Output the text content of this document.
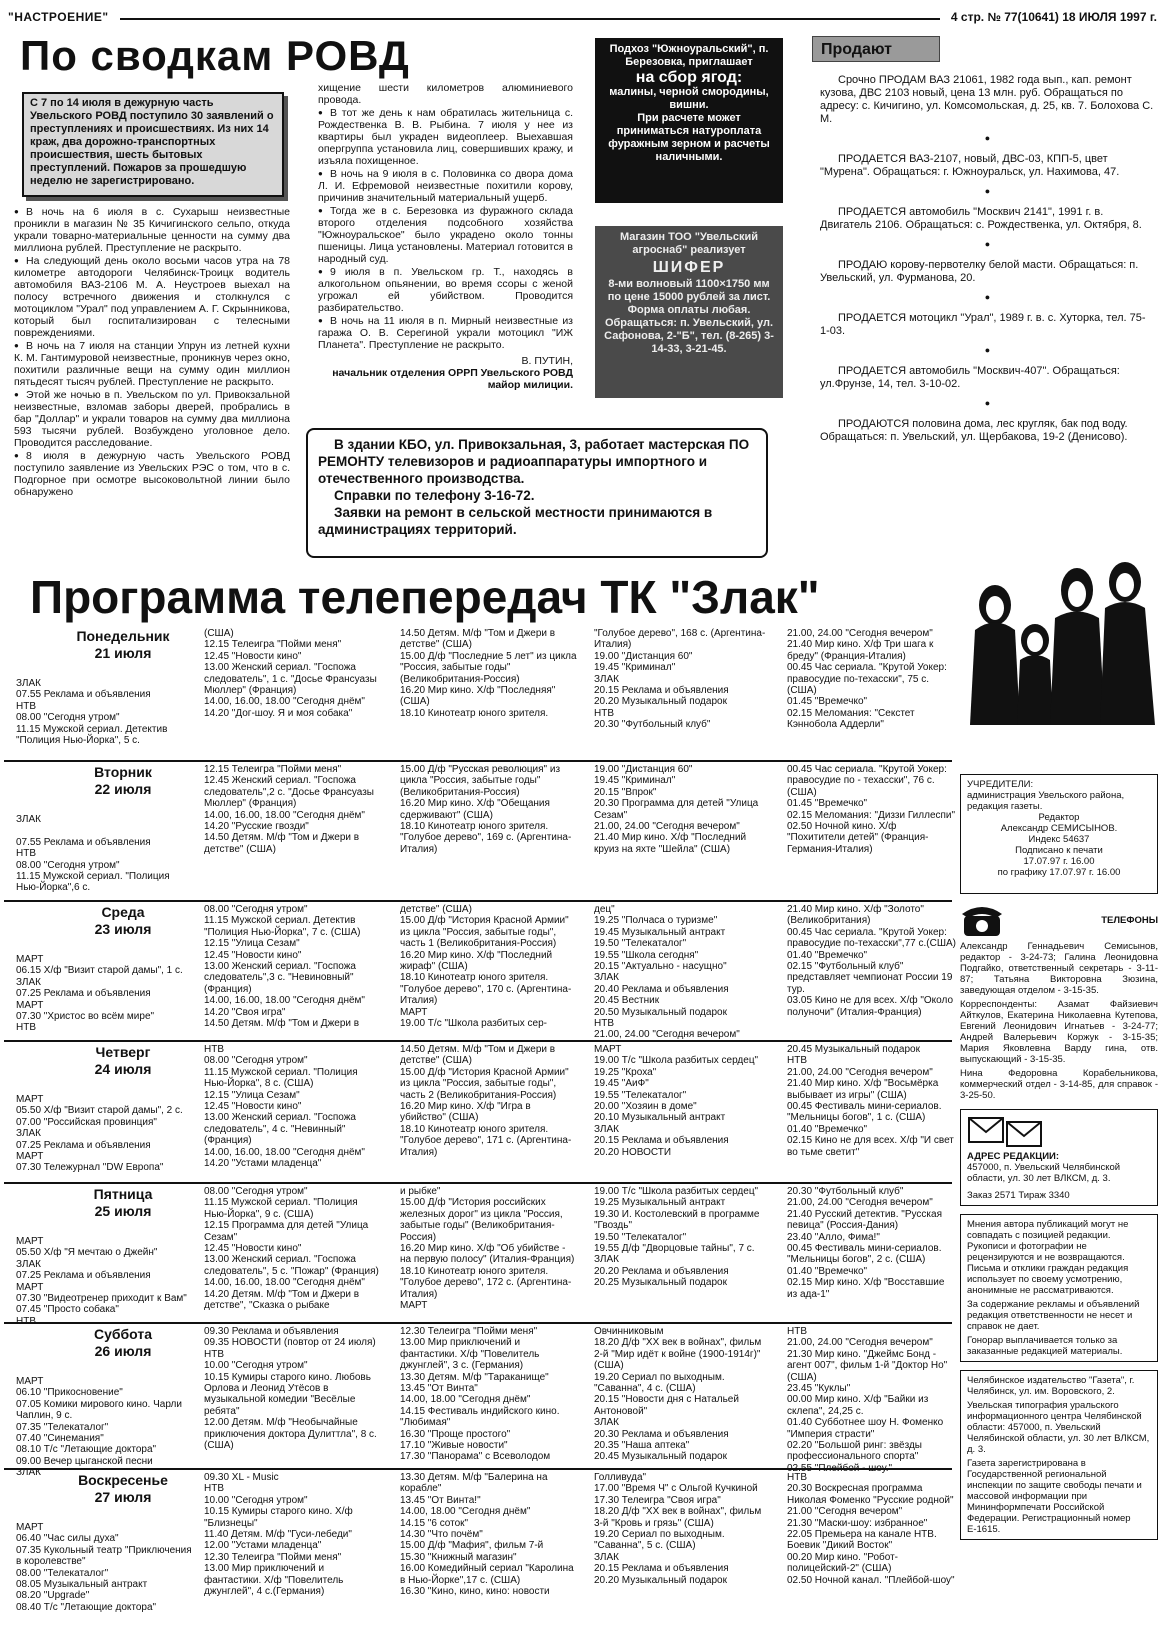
"НАСТРОЕНИЕ"	4 стр. № 77(10641) 18 ИЮЛЯ 1997 г.
По сводкам РОВД
С 7 по 14 июля в дежурную часть Увельского РОВД поступило 30 заявлений о преступлениях и происшествиях. Из них 14 краж, два дорожно-транспортных происшествия, шесть бытовых преступлений. Пожаров за прошедшую неделю не зарегистрировано.

● В ночь на 6 июля в с. Сухарыш неизвестные проникли в магазин № 35 Кичигинского сельпо, откуда украли товарно-материальные ценности на сумму два миллиона рублей. Преступление не раскрыто.

● На следующий день около восьми часов утра на 78 километре автодороги Челябинск-Троицк водитель автомобиля ВАЗ-2106 М. А. Неустроев выехал на полосу встречного движения и столкнулся с мотоциклом "Урал" под управлением А. Г. Скрынникова, который был госпитализирован с телесными повреждениями.

● В ночь на 7 июля на станции Упрун из летней кухни К. М. Гантимуровой неизвестные, проникнув через окно, похитили различные вещи на сумму один миллион пятьдесят тысяч рублей. Преступление не раскрыто.

● Этой же ночью в п. Увельском по ул. Привокзальной неизвестные, взломав заборы дверей, пробрались в бар "Доллар" и украли товаров на сумму два миллиона 593 тысячи рублей. Возбуждено уголовное дело. Проводится расследование.

● 8 июля в дежурную часть Увельского РОВД поступило заявление из Увельских РЭС о том, что в с. Подгорное при осмотре высоковольтной линии было обнаружено

хищение шести километров алюминиевого провода.

● В тот же день к нам обратилась жительница с. Рождественка В. В. Рыбина. 7 июля у нее из квартиры был украден видеоплеер. Выехавшая опергруппа установила лиц, совершивших кражу, и изъяла похищенное.

● В ночь на 9 июля в с. Половинка со двора дома Л. И. Ефремовой неизвестные похитили корову, причинив значительный материальный ущерб.

● Тогда же в с. Березовка из фуражного склада второго отделения подсобного хозяйства "Южноуральское" было украдено около тонны пшеницы. Лица установлены. Материал готовится в народный суд.

● 9 июля в п. Увельском гр. Т., находясь в алкогольном опьянении, во время ссоры с женой угрожал ей убийством. Проводится разбирательство.

● В ночь на 11 июля в п. Мирный неизвестные из гаража О. В. Серегиной украли мотоцикл "ИЖ Планета". Преступление не раскрыто.

В. ПУТИН,
начальник отделения ОРРП Увельского РОВД майор милиции.
Подхоз "Южноуральский", п. Березовка, приглашает
на сбор ягод:
малины, черной смородины, вишни.
При расчете может приниматься натуроплата фуражным зерном и расчеты наличными.
Магазин ТОО "Увельский агроснаб" реализует
ШИФЕР
8-ми волновый 1100×1750 мм по цене 15000 рублей за лист. Форма оплаты любая. Обращаться: п. Увельский, ул. Сафонова, 2-"Б", тел. (8-265) 3-14-33, 3-21-45.
В здании КБО, ул. Привокзальная, 3, работает мастерская ПО РЕМОНТУ телевизоров и радиоаппаратуры импортного и отечественного производства.
Справки по телефону 3-16-72.
Заявки на ремонт в сельской местности принимаются в администрациях территорий.
Продают

Срочно ПРОДАМ ВАЗ 21061, 1982 года вып., кап. ремонт кузова, ДВС 2103 новый, цена 13 млн. руб. Обращаться по адресу: с. Кичигино, ул. Комсомольская, д. 25, кв. 7. Болохова С. М.

●

ПРОДАЕТСЯ ВАЗ-2107, новый, ДВС-03, КПП-5, цвет "Мурена". Обращаться: г. Южноуральск, ул. Нахимова, 47.

●

ПРОДАЕТСЯ автомобиль "Москвич 2141", 1991 г. в. Двигатель 2106. Обращаться: с. Рождественка, ул. Октября, 8.

●

ПРОДАЮ корову-первотелку белой масти. Обращаться: п. Увельский, ул. Фурманова, 20.

●

ПРОДАЕТСЯ мотоцикл "Урал", 1989 г. в. с. Хуторка, тел. 75-1-03.

●

ПРОДАЕТСЯ автомобиль "Москвич-407". Обращаться: ул.Фрунзе, 14, тел. 3-10-02.

●

ПРОДАЮТСЯ половина дома, лес кругляк, бак под воду. Обращаться: п. Увельский, ул. Щербакова, 19-2 (Денисово).

Программа телепередач ТК "Злак"
Понедельник
21 июля
ЗЛАК
07.55 Реклама и объявления
НТВ
08.00 "Сегодня утром"
11.15 Мужской сериал. Детектив "Полиция Нью-Йорка", 5 с.
(США)
12.15 Телеигра "Пойми меня"
12.45 "Новости кино"
13.00 Женский сериал. "Госпожа следователь", 1 с. "Досье Франсуазы Мюллер" (Франция)
14.00, 16.00, 18.00 "Сегодня днём"
14.20 "Дог-шоу. Я и моя собака"
14.50 Детям. М/ф "Том и Джери в детстве" (США)
15.00 Д/ф "Последние 5 лет" из цикла "Россия, забытые годы" (Великобритания-Россия)
16.20 Мир кино. Х/ф "Последняя" (США)
18.10 Кинотеатр юного зрителя.
"Голубое дерево", 168 с. (Аргентина-Италия)
19.00 "Дистанция 60"
19.45 "Криминал"
ЗЛАК
20.15 Реклама и объявления
20.20 Музыкальный подарок
НТВ
20.30 "Футбольный клуб"
21.00, 24.00 "Сегодня вечером"
21.40 Мир кино. Х/ф Три шага к бреду" (Франция-Италия)
00.45 Час сериала. "Крутой Уокер: правосудие по-техасски", 75 с. (США)
01.45 "Времечко"
02.15 Меломания: "Секстет Кэннобола Аддерли"
Вторник
22 июля
ЗЛАК

07.55 Реклама и объявления
НТВ
08.00 "Сегодня утром"
11.15 Мужской сериал. "Полиция Нью-Йорка",6 с.
12.15 Телеигра "Пойми меня"
12.45 Женский сериал. "Госпожа следователь",2 с. "Досье Франсуазы Мюллер" (Франция)
14.00, 16.00, 18.00 "Сегодня днём"
14.20 "Русские гвозди"
14.50 Детям. М/ф "Том и Джери в детстве" (США)
15.00 Д/ф "Русская революция" из цикла "Россия, забытые годы" (Великобритания-Россия)
16.20 Мир кино. Х/ф "Обещания сдерживают" (США)
18.10 Кинотеатр юного зрителя. "Голубое дерево", 169 с. (Аргентина-Италия)
19.00 "Дистанция 60"
19.45 "Криминал"
20.15 "Впрок"
20.30 Программа для детей "Улица Сезам"
21.00, 24.00 "Сегодня вечером"
21.40 Мир кино. Х/ф "Последний круиз на яхте "Шейла" (США)
00.45 Час сериала. "Крутой Уокер: правосудие по - техасски", 76 с. (США)
01.45 "Времечко"
02.15 Меломания: "Диззи Гиллеспи"
02.50 Ночной кино. Х/ф "Похитители детей" (Франция-Германия-Италия)
Среда
23 июля
МАРТ
06.15 Х/ф "Визит старой дамы", 1 с.
ЗЛАК
07.25 Реклама и объявления
МАРТ
07.30 "Христос во всём мире"
НТВ
08.00 "Сегодня утром"
11.15 Мужской сериал. Детектив "Полиция Нью-Йорка", 7 с. (США)
12.15 "Улица Сезам"
12.45 "Новости кино"
13.00 Женский сериал. "Госпожа следователь",3 с. "Невиновный" (Франция)
14.00, 16.00, 18.00 "Сегодня днём"
14.20 "Своя игра"
14.50 Детям. М/ф "Том и Джери в
детстве" (США)
15.00 Д/ф "История Красной Армии" из цикла "Россия, забытые годы", часть 1 (Великобритания-Россия)
16.20 Мир кино. Х/ф "Последний жираф" (США)
18.10 Кинотеатр юного зрителя. "Голубое дерево", 170 с. (Аргентина-Италия)
МАРТ
19.00 Т/с "Школа разбитых сер-
дец"
19.25 "Полчаса о туризме"
19.45 Музыкальный антракт
19.50 "Телекаталог"
19.55 "Школа сегодня"
20.15 "Актуально - насущно"
ЗЛАК
20.40 Реклама и объявления
20.45 Вестник
20.50 Музыкальный подарок
НТВ
21.00, 24.00 "Сегодня вечером"
21.40 Мир кино. Х/ф "Золото" (Великобритания)
00.45 Час сериала. "Крутой Уокер: правосудие по-техасски",77 с.(США)
01.40 "Времечко"
02.15 "Футбольный клуб" представляет чемпионат России 19 тур.
03.05 Кино не для всех. Х/ф "Около полуночи" (Италия-Франция)
Четверг
24 июля
МАРТ
05.50 Х/ф "Визит старой дамы", 2 с.
07.00 "Российская провинция"
ЗЛАК
07.25 Реклама и объявления
МАРТ
07.30 Тележурнал "DW Европа"
НТВ
08.00 "Сегодня утром"
11.15 Мужской сериал. "Полиция Нью-Йорка", 8 с. (США)
12.15 "Улица Сезам"
12.45 "Новости кино"
13.00 Женский сериал. "Госпожа следователь", 4 с. "Невинный" (Франция)
14.00, 16.00, 18.00 "Сегодня днём"
14.20 "Устами младенца"
14.50 Детям. М/ф "Том и Джери в детстве" (США)
15.00 Д/ф "История Красной Армии" из цикла "Россия, забытые годы", часть 2 (Великобритания-Россия)
16.20 Мир кино. Х/ф "Игра в убийство" (США)
18.10 Кинотеатр юного зрителя. "Голубое дерево", 171 с. (Аргентина-Италия)
МАРТ
19.00 Т/с "Школа разбитых сердец"
19.25 "Кроха"
19.45 "АиФ"
19.55 "Телекаталог"
20.00 "Хозяин в доме"
20.10 Музыкальный антракт
ЗЛАК
20.15 Реклама и объявления
20.20 НОВОСТИ
20.45 Музыкальный подарок
НТВ
21.00, 24.00 "Сегодня вечером"
21.40 Мир кино. Х/ф "Восьмёрка выбывает из игры" (США)
00.45 Фестиваль мини-сериалов. "Мельницы богов", 1 с. (США)
01.40 "Времечко"
02.15 Кино не для всех. Х/ф "И свет во тьме светит"
Пятница
25 июля
МАРТ
05.50 Х/ф "Я мечтаю о Джейн"
ЗЛАК
07.25 Реклама и объявления
МАРТ
07.30 "Видеотренер приходит к Вам"
07.45 "Просто собака"
НТВ
08.00 "Сегодня утром"
11.15 Мужской сериал. "Полиция Нью-Йорка", 9 с. (США)
12.15 Программа для детей "Улица Сезам"
12.45 "Новости кино"
13.00 Женский сериал. "Госпожа следователь", 5 с. "Пожар" (Франция)
14.00, 16.00, 18.00 "Сегодня днём"
14.20 Детям. М/ф "Том и Джери в детстве", "Сказка о рыбаке
и рыбке"
15.00 Д/ф "История российских железных дорог" из цикла "Россия, забытые годы" (Великобритания-Россия)
16.20 Мир кино. Х/ф "Об убийстве - на первую полосу" (Италия-Франция)
18.10 Кинотеатр юного зрителя. "Голубое дерево", 172 с. (Аргентина-Италия)
МАРТ
19.00 Т/с "Школа разбитых сердец"
19.25 Музыкальный антракт
19.30 И. Костолевский в программе "Гвоздь"
19.50 "Телекаталог"
19.55 Д/ф "Дворцовые тайны", 7 с.
ЗЛАК
20.20 Реклама и объявления
20.25 Музыкальный подарок
20.30 "Футбольный клуб"
21.00, 24.00 "Сегодня вечером"
21.40 Русский детектив. "Русская певица" (Россия-Дания)
23.40 "Алло, Фима!"
00.45 Фестиваль мини-сериалов. "Мельницы богов", 2 с. (США)
01.40 "Времечко"
02.15 Мир кино. Х/ф "Восставшие из ада-1"
Суббота
26 июля
МАРТ
06.10 "Прикосновение"
07.05 Комики мирового кино. Чарли Чаплин, 9 с.
07.35 "Телекаталог"
07.40 "Синемания"
08.10 Т/с "Летающие доктора"
09.00 Вечер цыганской песни
ЗЛАК
09.30 Реклама и объявления
09.35 НОВОСТИ (повтор от 24 июля)
НТВ
10.00 "Сегодня утром"
10.15 Кумиры старого кино. Любовь Орлова и Леонид Утёсов в музыкальной комедии "Весёлые ребята"
12.00 Детям. М/ф "Необычайные приключения доктора Дулиттла", 8 с. (США)
12.30 Телеигра "Пойми меня"
13.00 Мир приключений и фантастики. Х/ф "Повелитель джунглей", 3 с. (Германия)
13.30 Детям. М/ф "Тараканище"
13.45 "От Винта"
14.00, 18.00 "Сегодня днём"
14.15 Фестиваль индийского кино. "Любимая"
16.30 "Проще простого"
17.10 "Живые новости"
17.30 "Панорама" с Всеволодом
Овчинниковым
18.20 Д/ф "ХХ век в войнах", фильм 2-й "Мир идёт к войне (1900-1914г)" (США)
19.20 Сериал по выходным. "Саванна", 4 с. (США)
20.15 "Новости дня с Натальей Антоновой"
ЗЛАК
20.30 Реклама и объявления
20.35 "Наша аптека"
20.45 Музыкальный подарок
НТВ
21.00, 24.00 "Сегодня вечером"
21.30 Мир кино. "Джеймс Бонд - агент 007", фильм 1-й "Доктор Но" (США)
23.45 "Куклы"
00.00 Мир кино. Х/ф "Байки из склепа", 24,25 с.
01.40 Субботнее шоу Н. Фоменко "Империя страсти"
02.20 "Большой ринг: звёзды профессионального спорта"
02.55 "Плейбой - шоу."
Воскресенье
27 июля
МАРТ
06.40 "Час силы духа"
07.35 Кукольный театр "Приключения в королевстве"
08.00 "Телекаталог"
08.05 Музыкальный антракт
08.20 "Upgrade"
08.40 Т/с "Летающие доктора"
09.30 XL - Music
НТВ
10.00 "Сегодня утром"
10.15 Кумиры старого кино. Х/ф "Близнецы"
11.40 Детям. М/ф "Гуси-лебеди"
12.00 "Устами младенца"
12.30 Телеигра "Пойми меня"
13.00 Мир приключений и фантастики. Х/ф "Повелитель джунглей", 4 с.(Германия)
13.30 Детям. М/ф "Балерина на корабле"
13.45 "От Винта!"
14.00, 18.00 "Сегодня днём"
14.15 "6 соток"
14.30 "Что почём"
15.00 Д/ф "Мафия", фильм 7-й
15.30 "Книжный магазин"
16.00 Комедийный сериал "Каролина в Нью-Йорке",17 с. (США)
16.30 "Кино, кино, кино: новости
Голливуда"
17.00 "Время Ч" с Ольгой Кучкиной
17.30 Телеигра "Своя игра"
18.20 Д/ф "ХХ век в войнах", фильм 3-й "Кровь и грязь" (США)
19.20 Сериал по выходным. "Саванна", 5 с. (США)
ЗЛАК
20.15 Реклама и объявления
20.20 Музыкальный подарок
НТВ
20.30 Воскресная программа Николая Фоменко "Русские родной"
21.00 "Сегодня вечером"
21.30 "Маски-шоу: избранное"
22.05 Премьера на канале НТВ. Боевик "Дикий Восток"
00.20 Мир кино. "Робот-полицейский-2" (США)
02.50 Ночной канал. "Плейбой-шоу"
УЧРЕДИТЕЛИ:
администрация Увельского района, редакция газеты.
Редактор
Александр СЕМИСЫНОВ.
Индекс 54637
Подписано к печати
17.07.97 г. 16.00
по графику 17.07.97 г. 16.00
ТЕЛЕФОНЫ
Александр Геннадьевич Семисынов, редактор - 3-24-73; Галина Леонидовна Подгайко, ответственный секретарь - 3-11-87; Татьяна Викторовна Зюзина, заведующая отделом - 3-15-35.
Корреспонденты: Азамат Файзиевич Айткулов, Екатерина Николаевна Кутепова, Евгений Леонидович Игнатьев - 3-24-77; Андрей Валерьевич Коржук - 3-15-35; Мария Яковлевна Варду гина, отв. выпускающий - 3-15-35.
Нина Федоровна Корабельникова, коммерческий отдел - 3-14-85, для справок - 3-25-50.
АДРЕС РЕДАКЦИИ:
457000, п. Увельский Челябинской области, ул. 30 лет ВЛКСМ, д. 3.
Заказ 2571 Тираж 3340
Мнения автора публикаций могут не совпадать с позицией редакции. Рукописи и фотографии не рецензируются и не возвращаются. Письма и отклики граждан редакция использует по своему усмотрению, анонимные не рассматриваются.
За содержание рекламы и объявлений редакция ответственности не несет и справок не дает.
Гонорар выплачивается только за заказанные редакцией материалы.
Челябинское издательство "Газета", г. Челябинск, ул. им. Воровского, 2.
Увельская типография уральского информационного центра Челябинской области: 457000, п. Увельский Челябинской области, ул. 30 лет ВЛКСМ, д. 3.
Газета зарегистрирована в Государственной региональной инспекции по защите свободы печати и массовой информации при Мининформпечати Российской Федерации. Регистрационный номер Е-1615.
